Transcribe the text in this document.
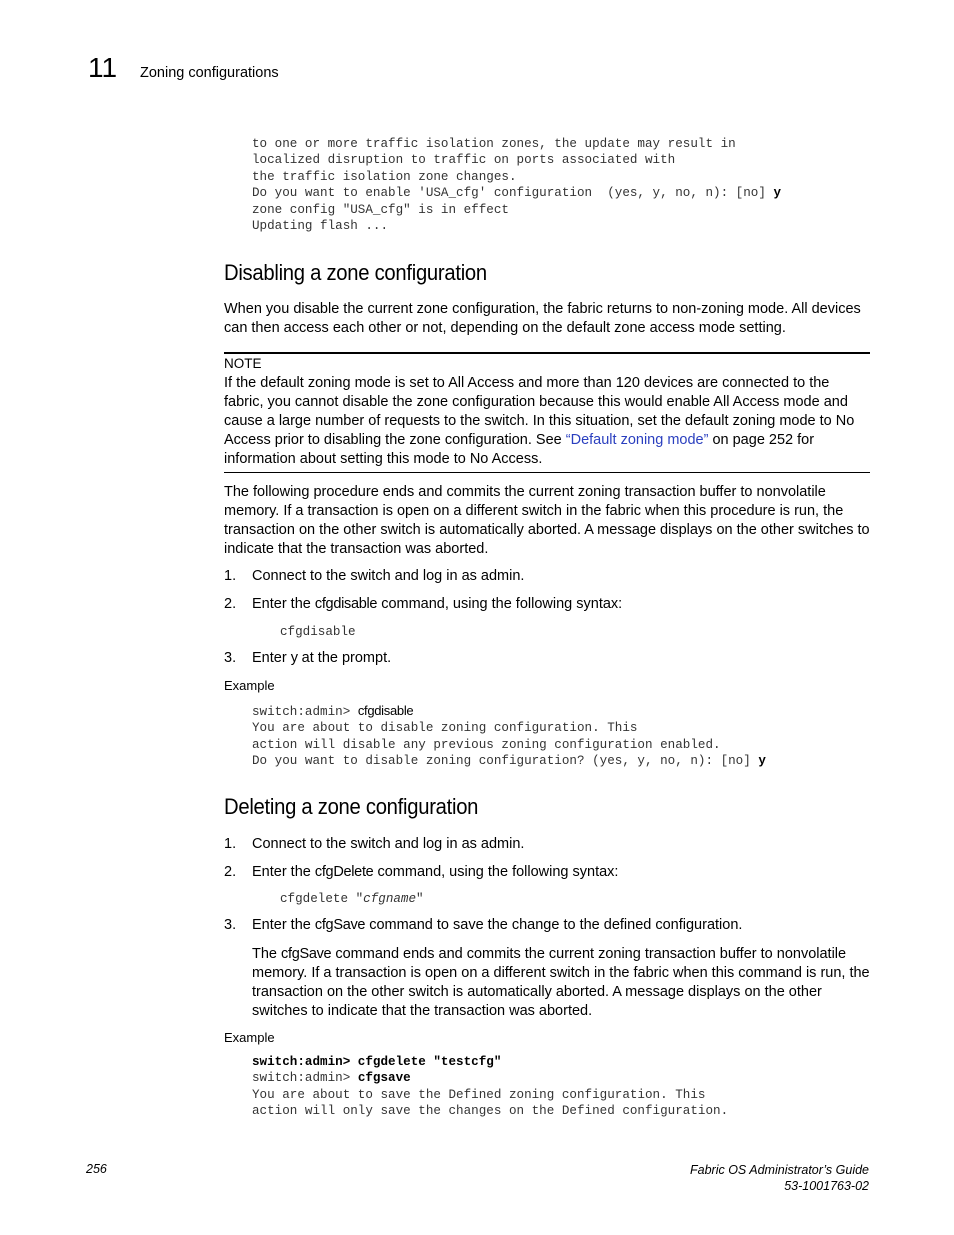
11 Zoning configurations
to one or more traffic isolation zones, the update may result in
localized disruption to traffic on ports associated with
the traffic isolation zone changes.
Do you want to enable 'USA_cfg' configuration  (yes, y, no, n): [no] y
zone config "USA_cfg" is in effect
Updating flash ...
Disabling a zone configuration
When you disable the current zone configuration, the fabric returns to non-zoning mode. All devices can then access each other or not, depending on the default zone access mode setting.
NOTE
If the default zoning mode is set to All Access and more than 120 devices are connected to the fabric, you cannot disable the zone configuration because this would enable All Access mode and cause a large number of requests to the switch. In this situation, set the default zoning mode to No Access prior to disabling the zone configuration. See “Default zoning mode” on page 252 for information about setting this mode to No Access.
The following procedure ends and commits the current zoning transaction buffer to nonvolatile memory. If a transaction is open on a different switch in the fabric when this procedure is run, the transaction on the other switch is automatically aborted. A message displays on the other switches to indicate that the transaction was aborted.
1. Connect to the switch and log in as admin.
2. Enter the cfgdisable command, using the following syntax:
cfgdisable
3. Enter y at the prompt.
Example
switch:admin> cfgdisable
You are about to disable zoning configuration. This
action will disable any previous zoning configuration enabled.
Do you want to disable zoning configuration? (yes, y, no, n): [no] y
Deleting a zone configuration
1. Connect to the switch and log in as admin.
2. Enter the cfgDelete command, using the following syntax:
cfgdelete "cfgname"
3. Enter the cfgSave command to save the change to the defined configuration.
The cfgSave command ends and commits the current zoning transaction buffer to nonvolatile memory. If a transaction is open on a different switch in the fabric when this command is run, the transaction on the other switch is automatically aborted. A message displays on the other switches to indicate that the transaction was aborted.
Example
switch:admin> cfgdelete "testcfg"
switch:admin> cfgsave
You are about to save the Defined zoning configuration. This
action will only save the changes on the Defined configuration.
256	Fabric OS Administrator’s Guide
53-1001763-02
